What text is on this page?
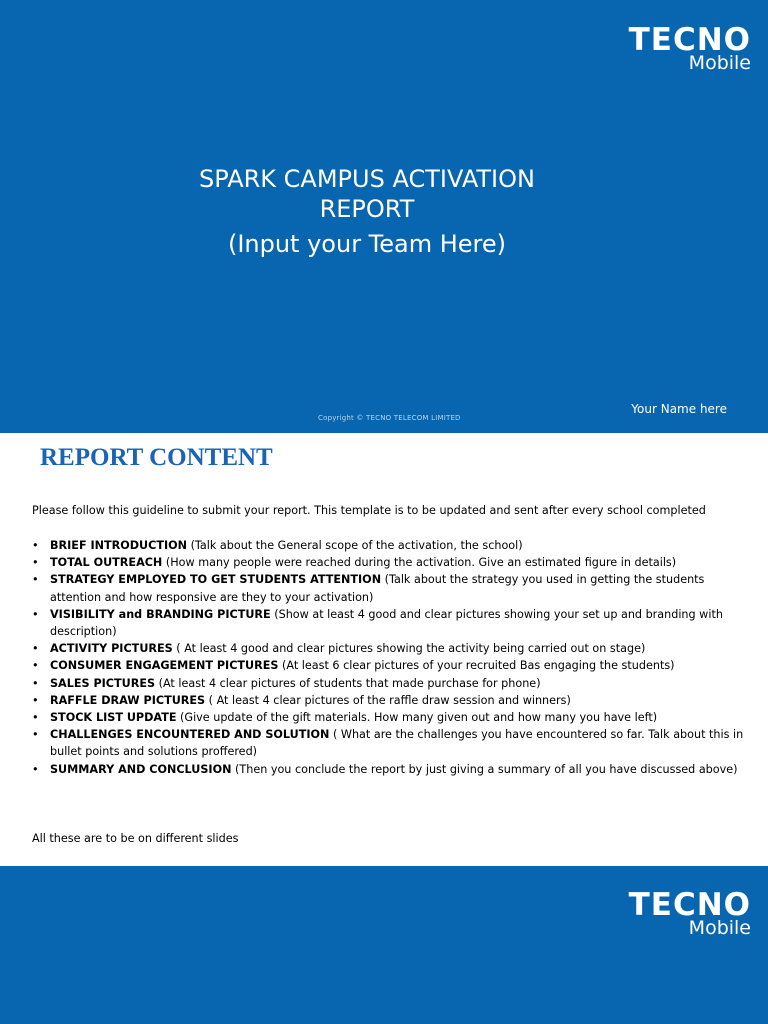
TECNO
Mobile
SPARK CAMPUS ACTIVATION
REPORT
(Input your Team Here)
Copyright © TECNO TELECOM LIMITED
Your Name here
REPORT CONTENT
Please follow this guideline to submit your report. This template is to be updated and sent after every school completed
• BRIEF INTRODUCTION (Talk about the General scope of the activation, the school)
• TOTAL OUTREACH (How many people were reached during the activation. Give an estimated figure in details)
• STRATEGY EMPLOYED TO GET STUDENTS ATTENTION (Talk about the strategy you used in getting the students attention and how responsive are they to your activation)
• VISIBILITY and BRANDING PICTURE (Show at least 4 good and clear pictures showing your set up and branding with description)
• ACTIVITY PICTURES ( At least 4 good and clear pictures showing the activity being carried out on stage)
• CONSUMER ENGAGEMENT PICTURES (At least 6 clear pictures of your recruited Bas engaging the students)
• SALES PICTURES (At least 4 clear pictures of students that made purchase for phone)
• RAFFLE DRAW PICTURES ( At least 4 clear pictures of the raffle draw session and winners)
• STOCK LIST UPDATE (Give update of the gift materials. How many given out and how many you have left)
• CHALLENGES ENCOUNTERED AND SOLUTION ( What are the challenges you have encountered so far. Talk about this in bullet points and solutions proffered)
• SUMMARY AND CONCLUSION (Then you conclude the report by just giving a summary of all you have discussed above)
All these are to be on different slides
TECNO
Mobile
